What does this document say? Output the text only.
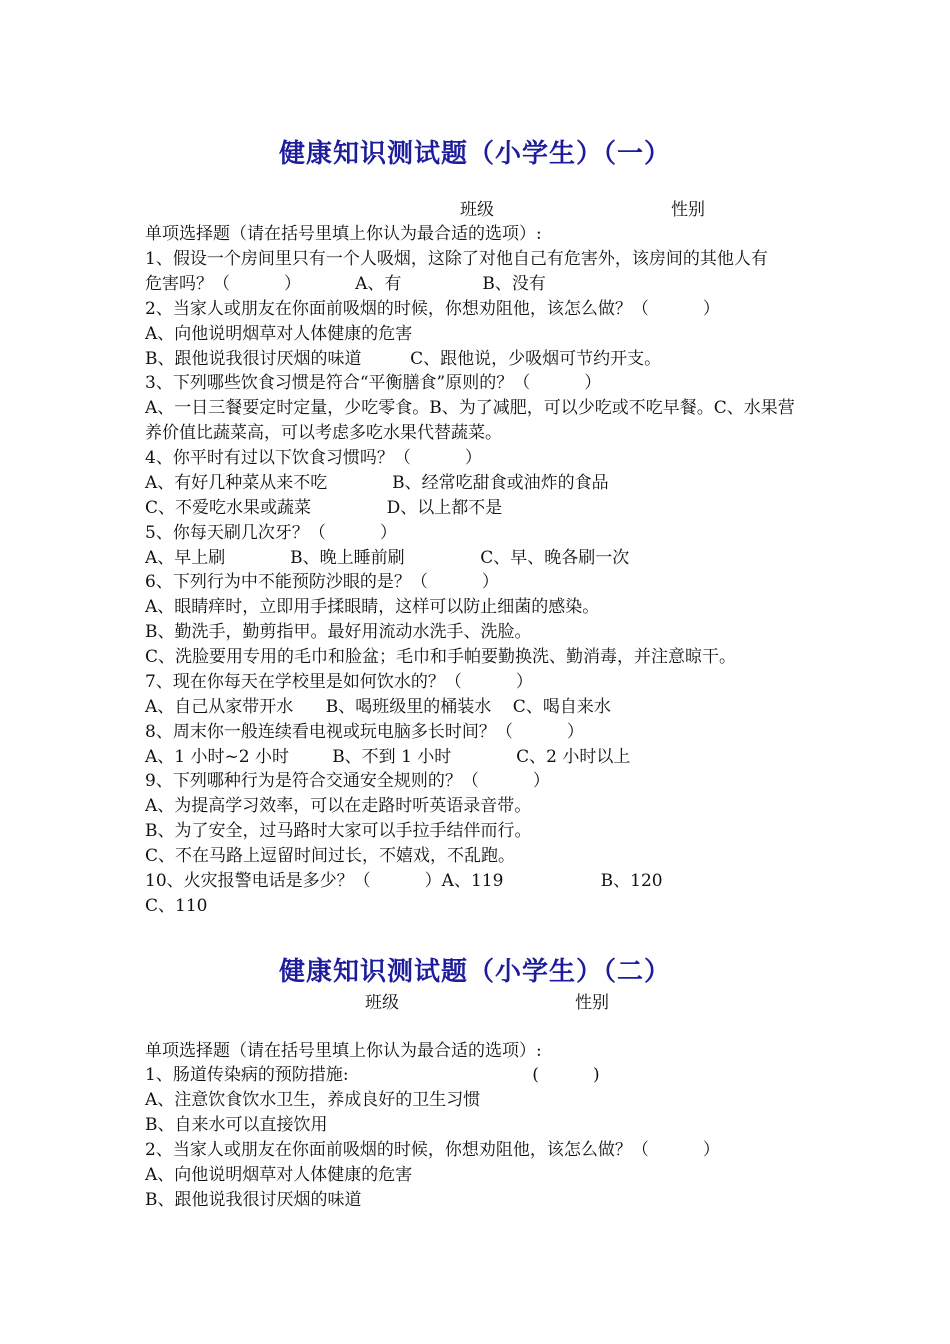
健康知识测试题（小学生）（一）
班级	性别
单项选择题（请在括号里填上你认为最合适的选项）:
1、假设一个房间里只有一个人吸烟，这除了对他自己有危害外，该房间的其他人有
危害吗？（          ）          A、有               B、没有
2、当家人或朋友在你面前吸烟的时候，你想劝阻他，该怎么做？（          ）
A、向他说明烟草对人体健康的危害
B、跟他说我很讨厌烟的味道         C、跟他说，少吸烟可节约开支。
3、下列哪些饮食习惯是符合“平衡膳食”原则的？（          ）
A、一日三餐要定时定量，少吃零食。B、为了减肥，可以少吃或不吃早餐。C、水果营
养价值比蔬菜高，可以考虑多吃水果代替蔬菜。
4、你平时有过以下饮食习惯吗？（          ）
A、有好几种菜从来不吃            B、经常吃甜食或油炸的食品
C、不爱吃水果或蔬菜              D、以上都不是
5、你每天刷几次牙？（          ）
A、早上刷            B、晚上睡前刷              C、早、晚各刷一次
6、下列行为中不能预防沙眼的是？（          ）
A、眼睛痒时，立即用手揉眼睛，这样可以防止细菌的感染。
B、勤洗手，勤剪指甲。最好用流动水洗手、洗脸。
C、洗脸要用专用的毛巾和脸盆；毛巾和手帕要勤换洗、勤消毒，并注意晾干。
7、现在你每天在学校里是如何饮水的？（          ）
A、自己从家带开水      B、喝班级里的桶装水    C、喝自来水
8、周末你一般连续看电视或玩电脑多长时间？（          ）
A、1 小时~2 小时        B、不到 1 小时            C、2 小时以上
9、下列哪种行为是符合交通安全规则的？（          ）
A、为提高学习效率，可以在走路时听英语录音带。
B、为了安全，过马路时大家可以手拉手结伴而行。
C、不在马路上逗留时间过长，不嬉戏，不乱跑。
10、火灾报警电话是多少？（          ）A、119                  B、120
C、110
健康知识测试题（小学生）（二）
班级	性别
单项选择题（请在括号里填上你认为最合适的选项）:
1、肠道传染病的预防措施:                                  (          )
A、注意饮食饮水卫生，养成良好的卫生习惯
B、自来水可以直接饮用
2、当家人或朋友在你面前吸烟的时候，你想劝阻他，该怎么做？（          ）
A、向他说明烟草对人体健康的危害
B、跟他说我很讨厌烟的味道
